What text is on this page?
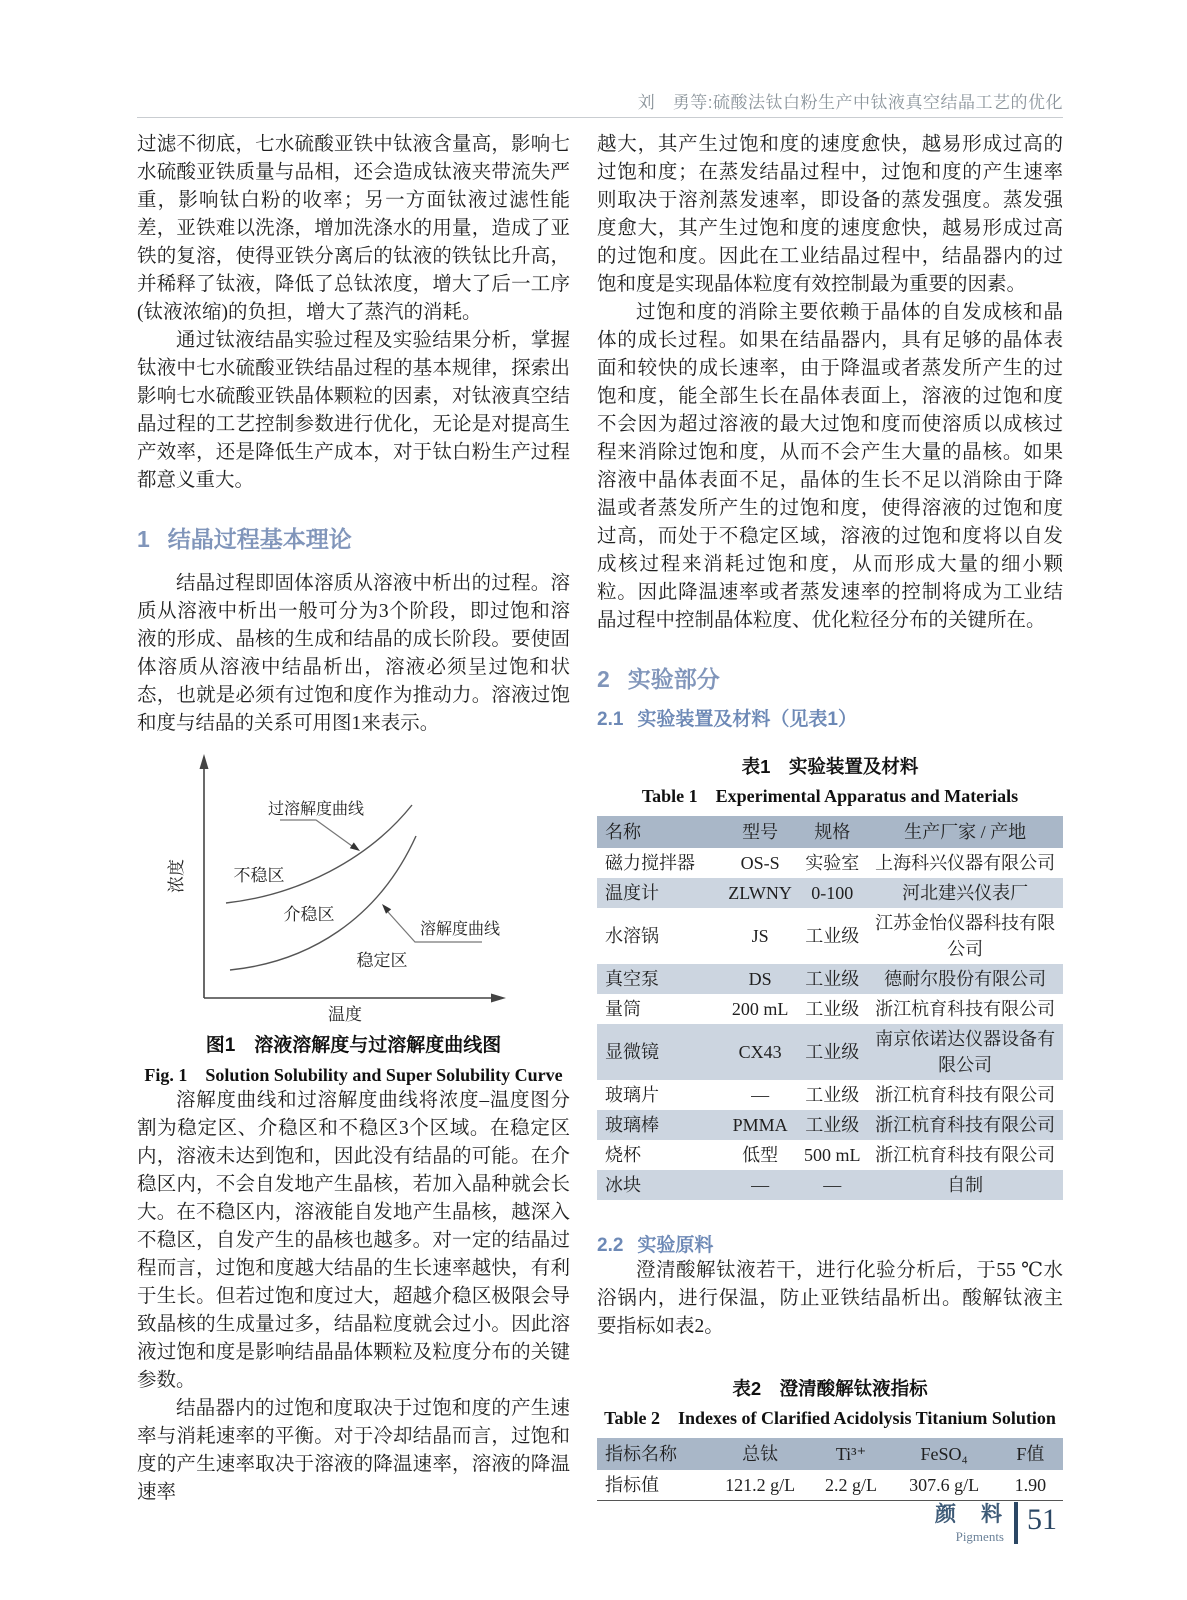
刘　勇等:硫酸法钛白粉生产中钛液真空结晶工艺的优化

过滤不彻底，七水硫酸亚铁中钛液含量高，影响七水硫酸亚铁质量与品相，还会造成钛液夹带流失严重，影响钛白粉的收率；另一方面钛液过滤性能差，亚铁难以洗涤，增加洗涤水的用量，造成了亚铁的复溶，使得亚铁分离后的钛液的铁钛比升高，并稀释了钛液，降低了总钛浓度，增大了后一工序(钛液浓缩)的负担，增大了蒸汽的消耗。

通过钛液结晶实验过程及实验结果分析，掌握钛液中七水硫酸亚铁结晶过程的基本规律，探索出影响七水硫酸亚铁晶体颗粒的因素，对钛液真空结晶过程的工艺控制参数进行优化，无论是对提高生产效率，还是降低生产成本，对于钛白粉生产过程都意义重大。

1 结晶过程基本理论

结晶过程即固体溶质从溶液中析出的过程。溶质从溶液中析出一般可分为3个阶段，即过饱和溶液的形成、晶核的生成和结晶的成长阶段。要使固体溶质从溶液中结晶析出，溶液必须呈过饱和状态，也就是必须有过饱和度作为推动力。溶液过饱和度与结晶的关系可用图1来表示。

过溶解度曲线
溶解度曲线
不稳区
介稳区
稳定区
温度
浓度
图1　溶液溶解度与过溶解度曲线图
Fig. 1　Solution Solubility and Super Solubility Curve

溶解度曲线和过溶解度曲线将浓度–温度图分割为稳定区、介稳区和不稳区3个区域。在稳定区内，溶液未达到饱和，因此没有结晶的可能。在介稳区内，不会自发地产生晶核，若加入晶种就会长大。在不稳区内，溶液能自发地产生晶核，越深入不稳区，自发产生的晶核也越多。对一定的结晶过程而言，过饱和度越大结晶的生长速率越快，有利于生长。但若过饱和度过大，超越介稳区极限会导致晶核的生成量过多，结晶粒度就会过小。因此溶液过饱和度是影响结晶晶体颗粒及粒度分布的关键参数。

结晶器内的过饱和度取决于过饱和度的产生速率与消耗速率的平衡。对于冷却结晶而言，过饱和度的产生速率取决于溶液的降温速率，溶液的降温速率

越大，其产生过饱和度的速度愈快，越易形成过高的过饱和度；在蒸发结晶过程中，过饱和度的产生速率则取决于溶剂蒸发速率，即设备的蒸发强度。蒸发强度愈大，其产生过饱和度的速度愈快，越易形成过高的过饱和度。因此在工业结晶过程中，结晶器内的过饱和度是实现晶体粒度有效控制最为重要的因素。

过饱和度的消除主要依赖于晶体的自发成核和晶体的成长过程。如果在结晶器内，具有足够的晶体表面和较快的成长速率，由于降温或者蒸发所产生的过饱和度，能全部生长在晶体表面上，溶液的过饱和度不会因为超过溶液的最大过饱和度而使溶质以成核过程来消除过饱和度，从而不会产生大量的晶核。如果溶液中晶体表面不足，晶体的生长不足以消除由于降温或者蒸发所产生的过饱和度，使得溶液的过饱和度过高，而处于不稳定区域，溶液的过饱和度将以自发成核过程来消耗过饱和度，从而形成大量的细小颗粒。因此降温速率或者蒸发速率的控制将成为工业结晶过程中控制晶体粒度、优化粒径分布的关键所在。

2 实验部分
2.1 实验装置及材料（见表1）
表1　实验装置及材料
Table 1　Experimental Apparatus and Materials
名称	型号	规格	生产厂家 / 产地
磁力搅拌器	OS-S	实验室	上海科兴仪器有限公司
温度计	ZLWNY	0-100	河北建兴仪表厂
水溶锅	JS	工业级	江苏金怡仪器科技有限公司
真空泵	DS	工业级	德耐尔股份有限公司
量筒	200 mL	工业级	浙江杭育科技有限公司
显微镜	CX43	工业级	南京依诺达仪器设备有限公司
玻璃片	—	工业级	浙江杭育科技有限公司
玻璃棒	PMMA	工业级	浙江杭育科技有限公司
烧杯	低型	500 mL	浙江杭育科技有限公司
冰块	—	—	自制
2.2 实验原料

澄清酸解钛液若干，进行化验分析后，于55 ℃水浴锅内，进行保温，防止亚铁结晶析出。酸解钛液主要指标如表2。

表2　澄清酸解钛液指标
Table 2　Indexes of Clarified Acidolysis Titanium Solution
指标名称	总钛	Ti³⁺	FeSO₄	F值
指标值	121.2 g/L	2.2 g/L	307.6 g/L	1.90
颜　料
Pigments
51
